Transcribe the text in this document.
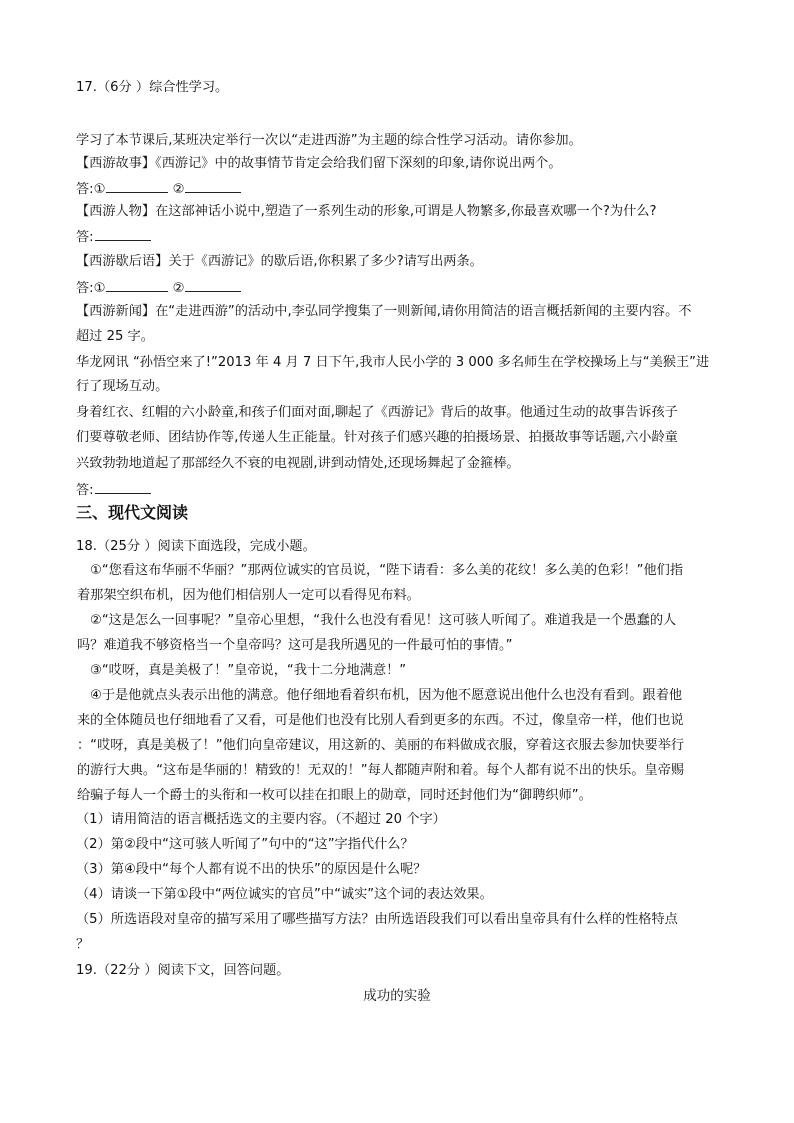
17.（6分 ）综合性学习。
学习了本节课后,某班决定举行一次以“走进西游”为主题的综合性学习活动。请你参加。
【西游故事】《西游记》中的故事情节肯定会给我们留下深刻的印象,请你说出两个。
答:①	②
【西游人物】在这部神话小说中,塑造了一系列生动的形象,可谓是人物繁多,你最喜欢哪一个?为什么?
答:
【西游歇后语】关于《西游记》的歇后语,你积累了多少?请写出两条。
答:①	②
【西游新闻】在“走进西游”的活动中,李弘同学搜集了一则新闻,请你用简洁的语言概括新闻的主要内容。不
超过 25 字。
华龙网讯 “孙悟空来了!”2013 年 4 月 7 日下午,我市人民小学的 3 000 多名师生在学校操场上与“美猴王”进
行了现场互动。
身着红衣、红帽的六小龄童,和孩子们面对面,聊起了《西游记》背后的故事。他通过生动的故事告诉孩子
们要尊敬老师、团结协作等,传递人生正能量。针对孩子们感兴趣的拍摄场景、拍摄故事等话题,六小龄童
兴致勃勃地道起了那部经久不衰的电视剧,讲到动情处,还现场舞起了金箍棒。
答:
三、现代文阅读
18.（25分 ）阅读下面选段，完成小题。
①“您看这布华丽不华丽？”那两位诚实的官员说，“陛下请看：多么美的花纹！多么美的色彩！”他们指
着那架空织布机，因为他们相信别人一定可以看得见布料。
②“这是怎么一回事呢？”皇帝心里想，“我什么也没有看见！这可骇人听闻了。难道我是一个愚蠢的人
吗？难道我不够资格当一个皇帝吗？这可是我所遇见的一件最可怕的事情。”
③“哎呀，真是美极了！”皇帝说，“我十二分地满意！”
④于是他就点头表示出他的满意。他仔细地看着织布机，因为他不愿意说出他什么也没有看到。跟着他
来的全体随员也仔细地看了又看，可是他们也没有比别人看到更多的东西。不过，像皇帝一样，他们也说
：“哎呀，真是美极了！”他们向皇帝建议，用这新的、美丽的布料做成衣服，穿着这衣服去参加快要举行
的游行大典。“这布是华丽的！精致的！无双的！”每人都随声附和着。每个人都有说不出的快乐。皇帝赐
给骗子每人一个爵士的头衔和一枚可以挂在扣眼上的勋章，同时还封他们为“御聘织师”。
（1）请用简洁的语言概括选文的主要内容。（不超过 20 个字）
（2）第②段中“这可骇人听闻了”句中的“这”字指代什么？
（3）第④段中“每个人都有说不出的快乐”的原因是什么呢？
（4）请谈一下第①段中“两位诚实的官员”中“诚实”这个词的表达效果。
（5）所选语段对皇帝的描写采用了哪些描写方法？由所选语段我们可以看出皇帝具有什么样的性格特点
？
19.（22分 ）阅读下文，回答问题。
成功的实验
